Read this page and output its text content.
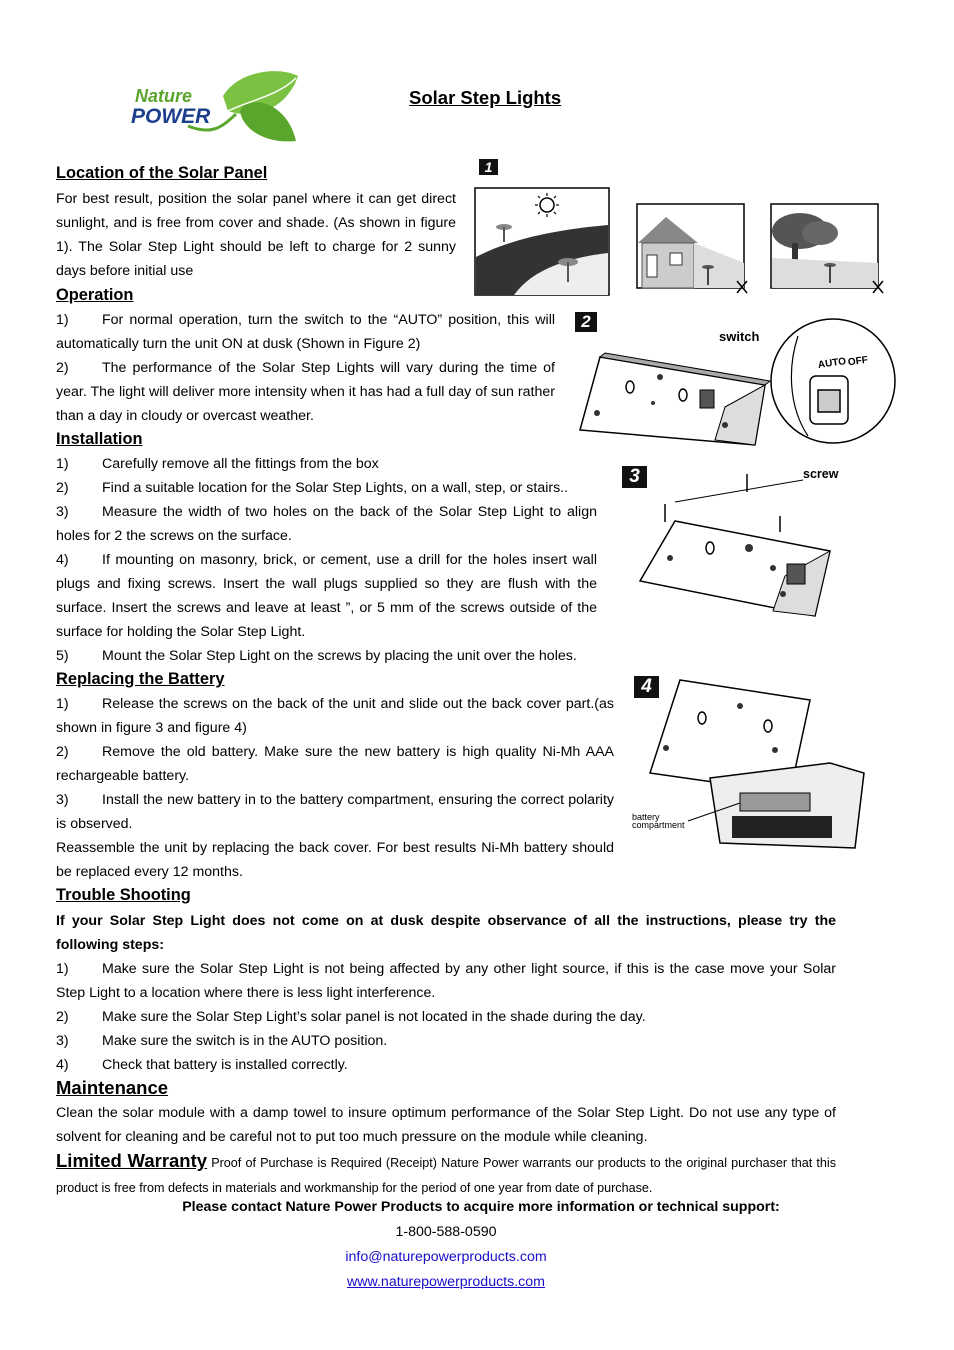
Nature
POWER
Solar Step Lights
Location of the Solar Panel
For best result, position the solar panel where it can get direct sunlight, and is free from cover and shade. (As shown in figure 1). The Solar Step Light should be left to charge for 2 sunny days before initial use
Operation
1) For normal operation, turn the switch to the “AUTO” position, this will automatically turn the unit ON at dusk (Shown in Figure 2)
2) The performance of the Solar Step Lights will vary during the time of year. The light will deliver more intensity when it has had a full day of sun rather than a day in cloudy or overcast weather.
Installation
1) Carefully remove all the fittings from the box
2) Find a suitable location for the Solar Step Lights, on a wall, step, or stairs..
3) Measure the width of two holes on the back of the Solar Step Light to align holes for 2 the screws on the surface.
4) If mounting on masonry, brick, or cement, use a drill for the holes insert wall plugs and fixing screws. Insert the wall plugs supplied so they are flush with the surface. Insert the screws and leave at least ”, or 5 mm of the screws outside of the surface for holding the Solar Step Light.
5) Mount the Solar Step Light on the screws by placing the unit over the holes.
Replacing the Battery
1) Release the screws on the back of the unit and slide out the back cover part.(as shown in figure 3 and figure 4)
2) Remove the old battery. Make sure the new battery is high quality Ni-Mh AAA rechargeable battery.
3) Install the new battery in to the battery compartment, ensuring the correct polarity is observed.
Reassemble the unit by replacing the back cover. For best results Ni-Mh battery should be replaced every 12 months.
Trouble Shooting
If your Solar Step Light does not come on at dusk despite observance of all the instructions, please try the following steps:
1) Make sure the Solar Step Light is not being affected by any other light source, if this is the case move your Solar Step Light to a location where there is less light interference.
2) Make sure the Solar Step Light’s solar panel is not located in the shade during the day.
3) Make sure the switch is in the AUTO position.
4) Check that battery is installed correctly.
Maintenance
Clean the solar module with a damp towel to insure optimum performance of the Solar Step Light. Do not use any type of solvent for cleaning and be careful not to put too much pressure on the module while cleaning.
Limited Warranty Proof of Purchase is Required (Receipt) Nature Power warrants our products to the original purchaser that this product is free from defects in materials and workmanship for the period of one year from date of purchase.
Please contact Nature Power Products to acquire more information or technical support:
1-800-588-0590
info@naturepowerproducts.com
www.naturepowerproducts.com
1
2
switch
AUTO OFF
3	screw
4
battery
compartment
